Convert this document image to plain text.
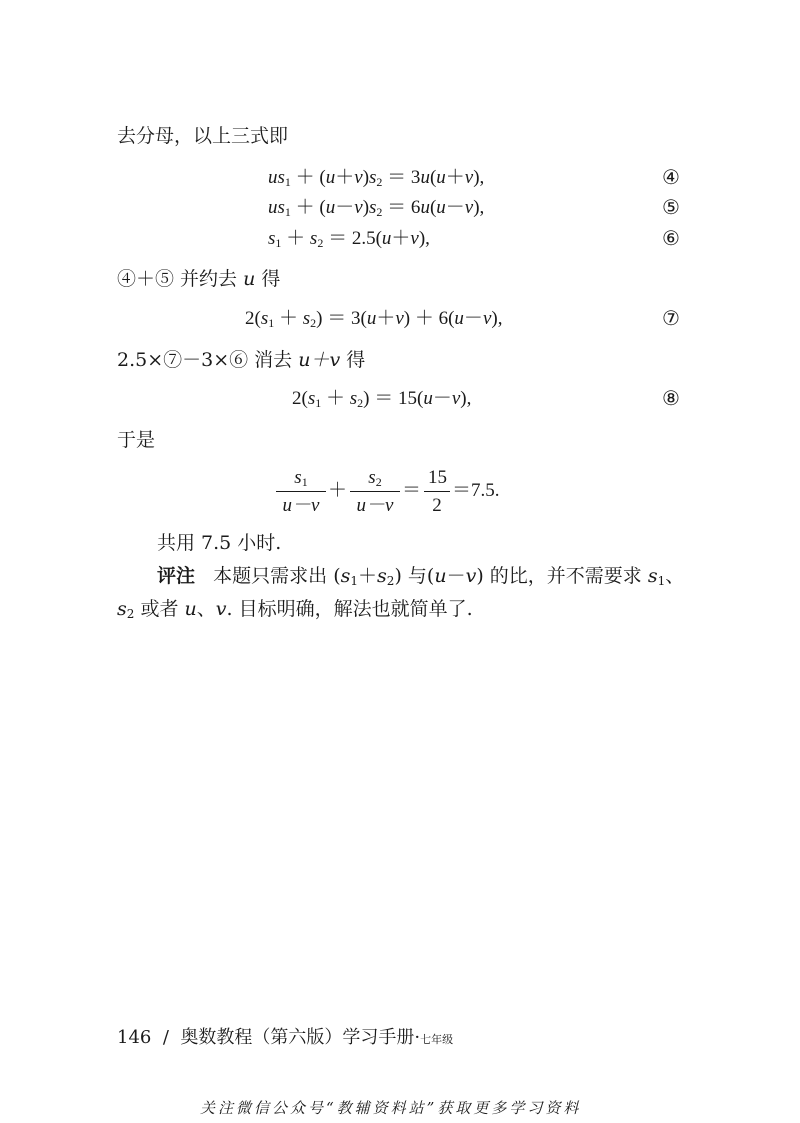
去分母，以上三式即
$us_1 + (u+v)s_2 = 3u(u+v)$,	④
$us_1 + (u-v)s_2 = 6u(u-v)$,	⑤
$s_1 + s_2 = 2.5(u+v)$,	⑥
④＋⑤ 并约去 u 得
$2(s_1 + s_2) = 3(u+v) + 6(u-v)$,	⑦
2.5×⑦－3×⑥ 消去 u＋v 得
$2(s_1 + s_2) = 15(u-v)$,	⑧
于是
$\frac{s_1}{u-v} + \frac{s_2}{u-v} = \frac{15}{2} =7.5$.
共用 7.5 小时.
评注 本题只需求出 $(s_1+s_2)$ 与(u－v) 的比，并不需要求 $s_1$、
$s_2$ 或者 u、v. 目标明确，解法也就简单了.
146 / 奥数教程（第六版）学习手册·七年级
关注微信公众号“教辅资料站”获取更多学习资料
